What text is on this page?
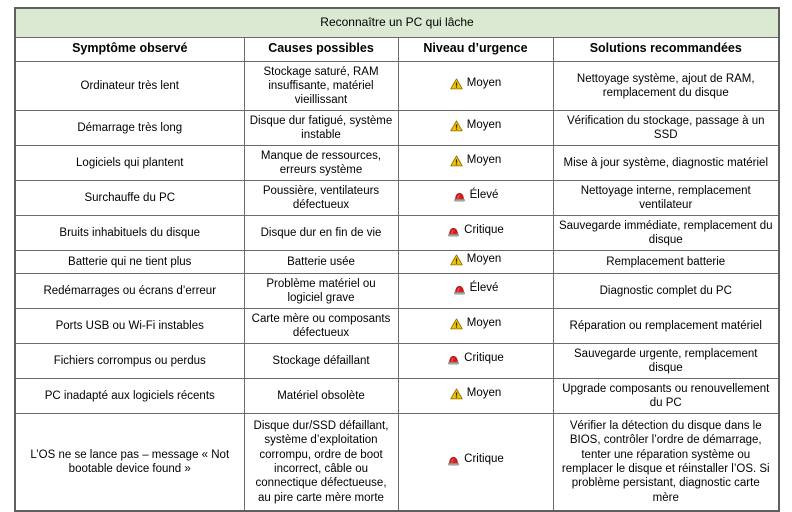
Reconnaître un PC qui lâche			
Symptôme observé	Causes possibles	Niveau d’urgence	Solutions recommandées
Ordinateur très lent	Stockage saturé, RAM insuffisante, matériel vieillissant	Moyen	Nettoyage système, ajout de RAM, remplacement du disque
Démarrage très long	Disque dur fatigué, système instable	Moyen	Vérification du stockage, passage à un SSD
Logiciels qui plantent	Manque de ressources, erreurs système	Moyen	Mise à jour système, diagnostic matériel
Surchauffe du PC	Poussière, ventilateurs défectueux	Élevé	Nettoyage interne, remplacement ventilateur
Bruits inhabituels du disque	Disque dur en fin de vie	Critique	Sauvegarde immédiate, remplacement du disque
Batterie qui ne tient plus	Batterie usée	Moyen	Remplacement batterie
Redémarrages ou écrans d’erreur	Problème matériel ou logiciel grave	Élevé	Diagnostic complet du PC
Ports USB ou Wi-Fi instables	Carte mère ou composants défectueux	Moyen	Réparation ou remplacement matériel
Fichiers corrompus ou perdus	Stockage défaillant	Critique	Sauvegarde urgente, remplacement disque
PC inadapté aux logiciels récents	Matériel obsolète	Moyen	Upgrade composants ou renouvellement du PC
L’OS ne se lance pas – message « Not bootable device found »	Disque dur/SSD défaillant, système d’exploitation corrompu, ordre de boot incorrect, câble ou connectique défectueuse, au pire carte mère morte	Critique	Vérifier la détection du disque dans le BIOS, contrôler l’ordre de démarrage, tenter une réparation système ou remplacer le disque et réinstaller l’OS. Si problème persistant, diagnostic carte mère
